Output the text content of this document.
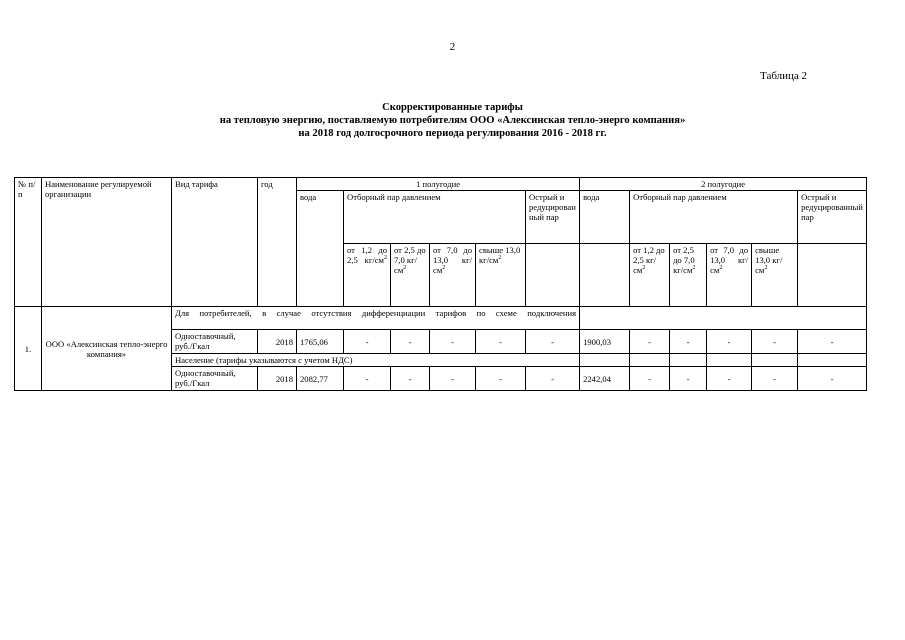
2
Таблица 2
Скорректированные тарифы
на тепловую энергию, поставляемую потребителям ООО «Алексинская тепло-энерго компания»
на 2018 год долгосрочного периода регулирования 2016 - 2018 гг.
№ п/п	Наименование регулируемой организации	Вид тарифа	год	1 полугодие						2 полугодие					
				вода	Отборный пар давлением				Острый и редуцированный пар	вода	Отборный пар давлением				Острый и редуцированный пар
					от 1,2 до 2,5 $кг/см^2$	от 2,5 до 7,0 $кг/см^2$	от 7,0 до 13,0 $кг/см^2$	свыше 13,0 $кг/см^2$			от 1,2 до 2,5 $кг/см^2$	от 2,5 до 7,0 $кг/см^2$	от 7,0 до 13,0 $кг/см^2$	свыше 13,0 $кг/см^2$	
1.	ООО «Алексинская тепло-энерго компания»	Для потребителей, в случае отсутствия дифференциации тарифов по схеме подключения													
		Одноставочный, руб./Гкал	2018	1765,06	-	-	-	-	-	1900,03	-	-	-	-	-
		Население (тарифы указываются с учетом НДС)													
		Одноставочный, руб./Гкал	2018	2082,77	-	-	-	-	-	2242,04	-	-	-	-	-
